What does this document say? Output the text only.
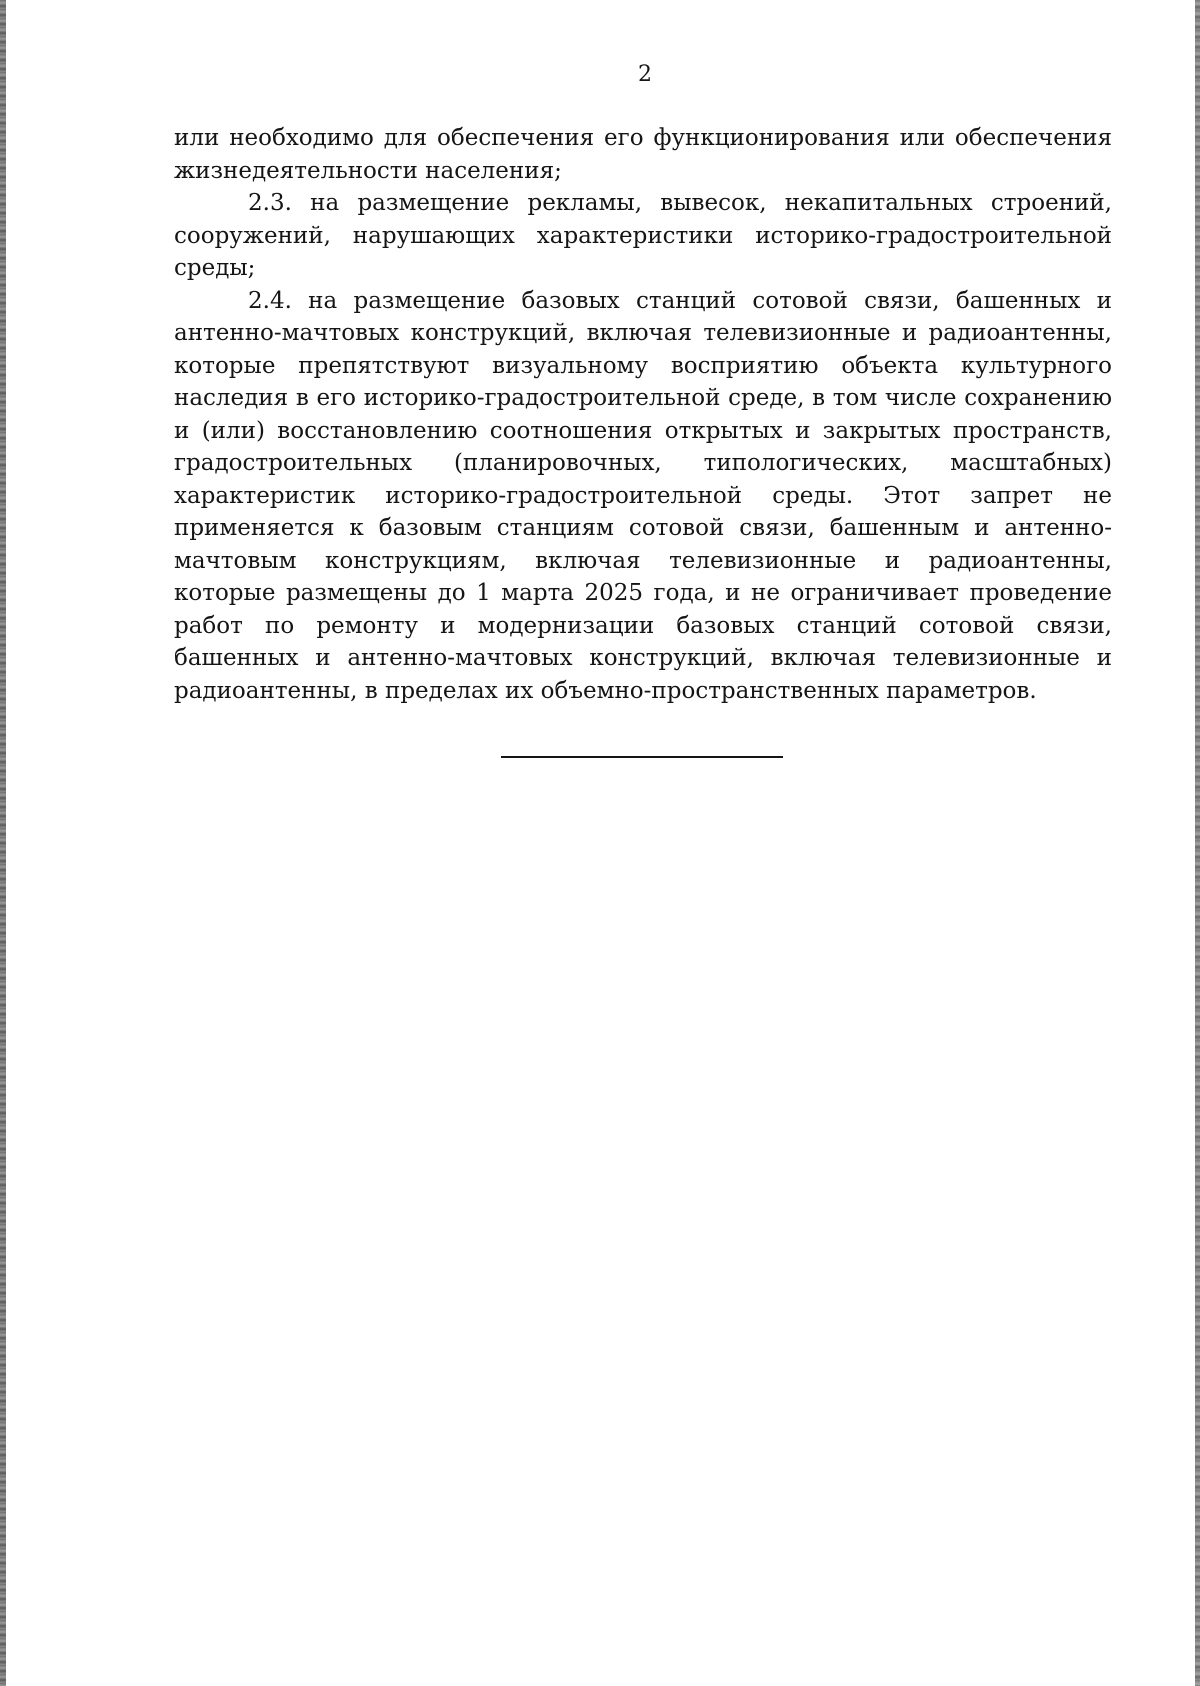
2

или необходимо для обеспечения его функционирования или обеспечения жизнедеятельности населения;

2.3. на размещение рекламы, вывесок, некапитальных строений, сооружений, нарушающих характеристики историко-градостроительной среды;

2.4. на размещение базовых станций сотовой связи, башенных и антенно-мачтовых конструкций, включая телевизионные и радиоантенны, которые препятствуют визуальному восприятию объекта культурного наследия в его историко-градостроительной среде, в том числе сохранению и (или) восстановлению соотношения открытых и закрытых пространств, градостроительных (планировочных, типологических, масштабных) характеристик историко-градостроительной среды. Этот запрет не применяется к базовым станциям сотовой связи, башенным и антенно-мачтовым конструкциям, включая телевизионные и радиоантенны, которые размещены до 1 марта 2025 года, и не ограничивает проведение работ по ремонту и модернизации базовых станций сотовой связи, башенных и антенно-мачтовых конструкций, включая телевизионные и радиоантенны, в пределах их объемно-пространственных параметров.
